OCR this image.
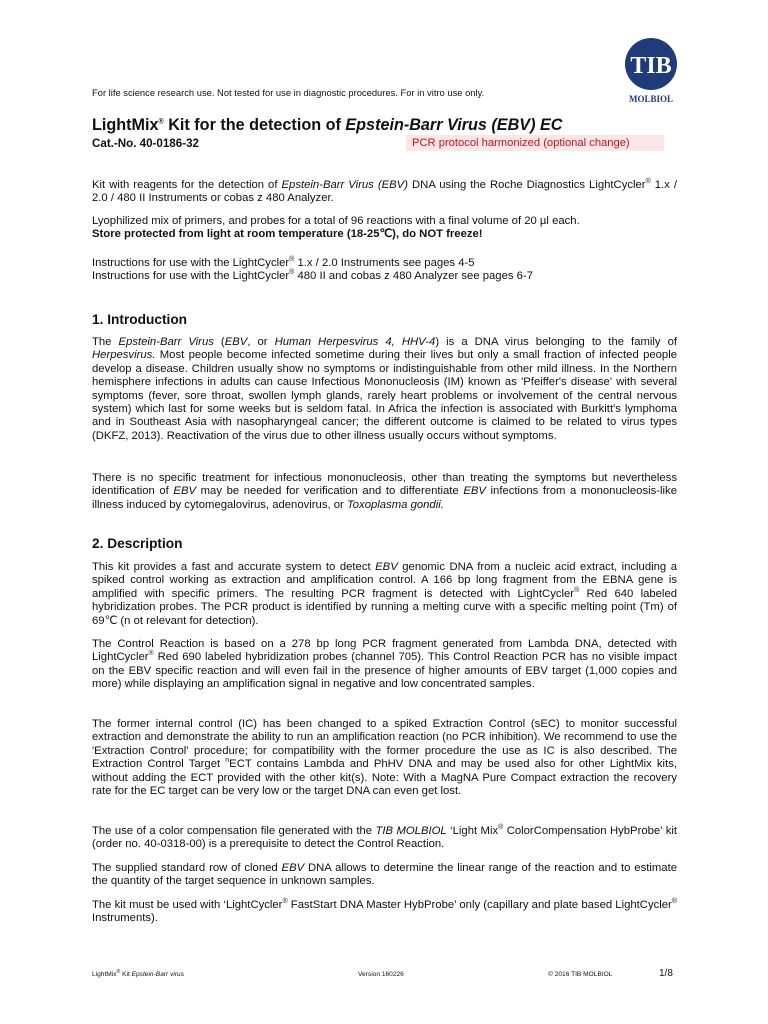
TIB
MOLBIOL
For life science research use. Not tested for use in diagnostic procedures. For in vitro use only.
LightMix® Kit for the detection of Epstein-Barr Virus (EBV) EC
Cat.-No. 40-0186-32	PCR protocol harmonized (optional change)
Kit with reagents for the detection of Epstein-Barr Virus (EBV) DNA using the Roche Diagnostics LightCycler® 1.x / 2.0 / 480 II Instruments or cobas z 480 Analyzer.
Lyophilized mix of primers, and probes for a total of 96 reactions with a final volume of 20 µl each.
Store protected from light at room temperature (18-25℃), do NOT freeze!
Instructions for use with the LightCycler® 1.x / 2.0 Instruments see pages 4-5
Instructions for use with the LightCycler® 480 II and cobas z 480 Analyzer see pages 6-7
1. Introduction
The Epstein-Barr Virus (EBV, or Human Herpesvirus 4, HHV-4) is a DNA virus belonging to the family of Herpesvirus. Most people become infected sometime during their lives but only a small fraction of infected people develop a disease. Children usually show no symptoms or indistinguishable from other mild illness. In the Northern hemisphere infections in adults can cause Infectious Mononucleosis (IM) known as 'Pfeiffer's disease' with several symptoms (fever, sore throat, swollen lymph glands, rarely heart problems or involvement of the central nervous system) which last for some weeks but is seldom fatal. In Africa the infection is associated with Burkitt's lymphoma and in Southeast Asia with nasopharyngeal cancer; the different outcome is claimed to be related to virus types (DKFZ, 2013). Reactivation of the virus due to other illness usually occurs without symptoms.
There is no specific treatment for infectious mononucleosis, other than treating the symptoms but nevertheless identification of EBV may be needed for verification and to differentiate EBV infections from a mononucleosis-like illness induced by cytomegalovirus, adenovirus, or Toxoplasma gondii.
2. Description
This kit provides a fast and accurate system to detect EBV genomic DNA from a nucleic acid extract, including a spiked control working as extraction and amplification control. A 166 bp long fragment from the EBNA gene is amplified with specific primers. The resulting PCR fragment is detected with LightCycler® Red 640 labeled hybridization probes. The PCR product is identified by running a melting curve with a specific melting point (Tm) of 69℃ (n ot relevant for detection).
The Control Reaction is based on a 278 bp long PCR fragment generated from Lambda DNA, detected with LightCycler® Red 690 labeled hybridization probes (channel 705). This Control Reaction PCR has no visible impact on the EBV specific reaction and will even fail in the presence of higher amounts of EBV target (1,000 copies and more) while displaying an amplification signal in negative and low concentrated samples.
The former internal control (IC) has been changed to a spiked Extraction Control (sEC) to monitor successful extraction and demonstrate the ability to run an amplification reaction (no PCR inhibition). We recommend to use the 'Extraction Control' procedure; for compatibility with the former procedure the use as IC is also described. The Extraction Control Target $^n$ECT contains Lambda and PhHV DNA and may be used also for other LightMix kits, without adding the ECT provided with the other kit(s). Note: With a MagNA Pure Compact extraction the recovery rate for the EC target can be very low or the target DNA can even get lost.
The use of a color compensation file generated with the TIB MOLBIOL ‘Light Mix® ColorCompensation HybProbe’ kit (order no. 40-0318-00) is a prerequisite to detect the Control Reaction.
The supplied standard row of cloned EBV DNA allows to determine the linear range of the reaction and to estimate the quantity of the target sequence in unknown samples.
The kit must be used with ‘LightCycler® FastStart DNA Master HybProbe’ only (capillary and plate based LightCycler® Instruments).
LightMix® Kit Epstein-Barr virus	Version 160226	© 2016 TIB MOLBIOL	1/8
